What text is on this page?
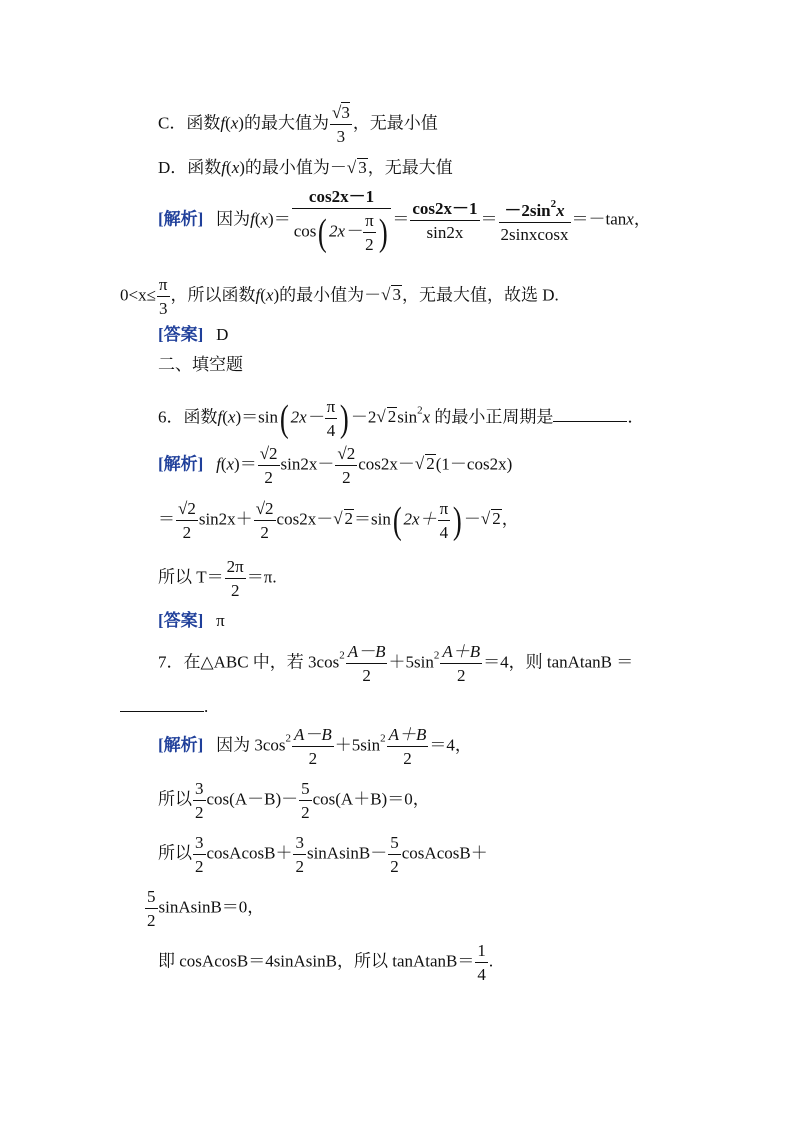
C．函数f(x)的最大值为 $\frac{√3}{3}$ ，无最小值
D．函数f(x)的最小值为－√ 3，无最大值
[解析] 因为$f(x)= \frac{\cos 2x-1}{\cos( 2x- \frac{\pi}{2} )} = \frac{\cos 2x-1}{\sin 2x} = \frac{-2\sin^2x}{\text{2sinxcosx}} =-\tan x$，
$0<x\le \frac{\pi}{3}$ ，所以函数f(x)的最小值为－√ 3，无最大值，故选 D.
[答案] D
二、填空题
6．函数f(x)＝sin( $2x- \frac{\pi}{4}$ ) －2√ $2\sin^2x$ 的最小正周期是	．
[解析] $f(x)= \frac{√2}{2} \sin 2x- \frac{√2}{2} \cos 2x-√$ 2(1－cos2x)
＝ $\frac{√2}{2} \sin 2x+ \frac{√2}{2} \cos 2x-√$ 2＝sin( $2x+ \frac{\pi}{4}$ ) －√ 2，
所以 $T= \frac{2\pi}{2} =\pi$.
[答案] π
7．在△ABC 中，若 $3\cos^2 \frac{A-B}{2} +5\sin^2 \frac{A+B}{2} =4$，则 tanAtanB ＝
.
[解析] 因为 $3\cos^2 \frac{A-B}{2} +5\sin^2 \frac{A+B}{2} =4$，
所以 $\frac{3}{2} \cos(A-B)- \frac{5}{2} \cos(A+B)=0$，
所以 $\frac{3}{2}$ cosAcosB＋ $\frac{3}{2}$ sinAsinB－ $\frac{5}{2}$ cosAcosB＋
$\frac{5}{2}$ sinAsinB＝0，
即 cosAcosB＝4sinAsinB，所以 tanAtanB＝ $\frac{1}{4}$ .
